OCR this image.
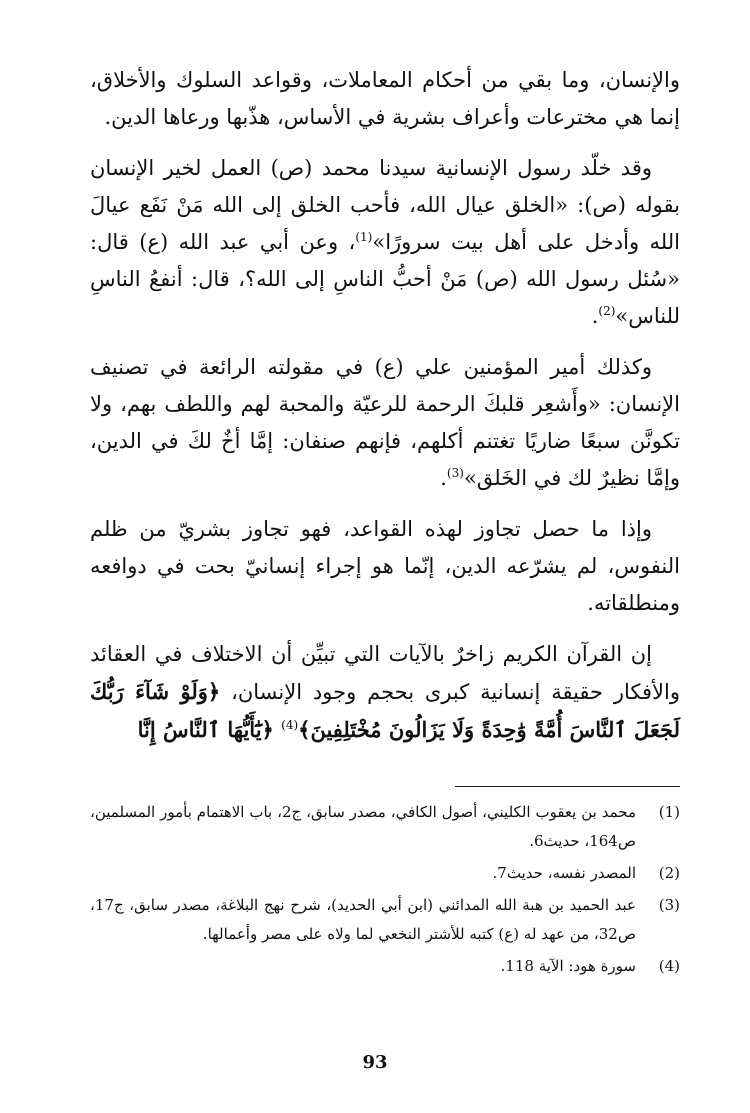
والإنسان، وما بقي من أحكام المعاملات، وقواعد السلوك والأخلاق، إنما هي مخترعات وأعراف بشرية في الأساس، هذّبها ورعاها الدين.

وقد خلّد رسول الإنسانية سيدنا محمد (ص) العمل لخير الإنسان بقوله (ص): «الخلق عيال الله، فأحب الخلق إلى الله مَنْ نَفَع عيالَ الله وأدخل على أهل بيت سرورًا»$^{(1)}$، وعن أبي عبد الله (ع) قال: «سُئل رسول الله (ص) مَنْ أحبُّ الناسِ إلى الله؟، قال: أنفعُ الناسِ للناس»$^{(2)}$.

وكذلك أمير المؤمنين علي (ع) في مقولته الرائعة في تصنيف الإنسان: «وأَشعِر قلبكَ الرحمة للرعيّة والمحبة لهم واللطف بهم، ولا تكونَّن سبعًا ضاريًا تغتنم أكلهم، فإنهم صنفان: إمَّا أخٌ لكَ في الدين، وإمَّا نظيرٌ لك في الخَلق»$^{(3)}$.

وإذا ما حصل تجاوز لهذه القواعد، فهو تجاوز بشريّ من ظلم النفوس، لم يشرّعه الدين، إنّما هو إجراء إنسانيّ بحت في دوافعه ومنطلقاته.

إن القرآن الكريم زاخرٌ بالآيات التي تبيِّن أن الاختلاف في العقائد والأفكار حقيقة إنسانية كبرى بحجم وجود الإنسان، ﴿وَلَوْ شَآءَ رَبُّكَ لَجَعَلَ ٱلنَّاسَ أُمَّةً وَٰحِدَةً وَلَا يَزَالُونَ مُخْتَلِفِينَ﴾$^{(4)}$ ﴿يَٰٓأَيُّهَا ٱلنَّاسُ إِنَّا

(1)
محمد بن يعقوب الكليني، أصول الكافي، مصدر سابق، ج2، باب الاهتمام بأمور المسلمين، ص164، حديث6.
(2)
المصدر نفسه، حديث7.
(3)
عبد الحميد بن هبة الله المدائني (ابن أبي الحديد)، شرح نهج البلاغة، مصدر سابق، ج17، ص32، من عهد له (ع) كتبه للأشتر النخعي لما ولاه على مصر وأعمالها.
(4)
سورة هود: الآية 118.
93
